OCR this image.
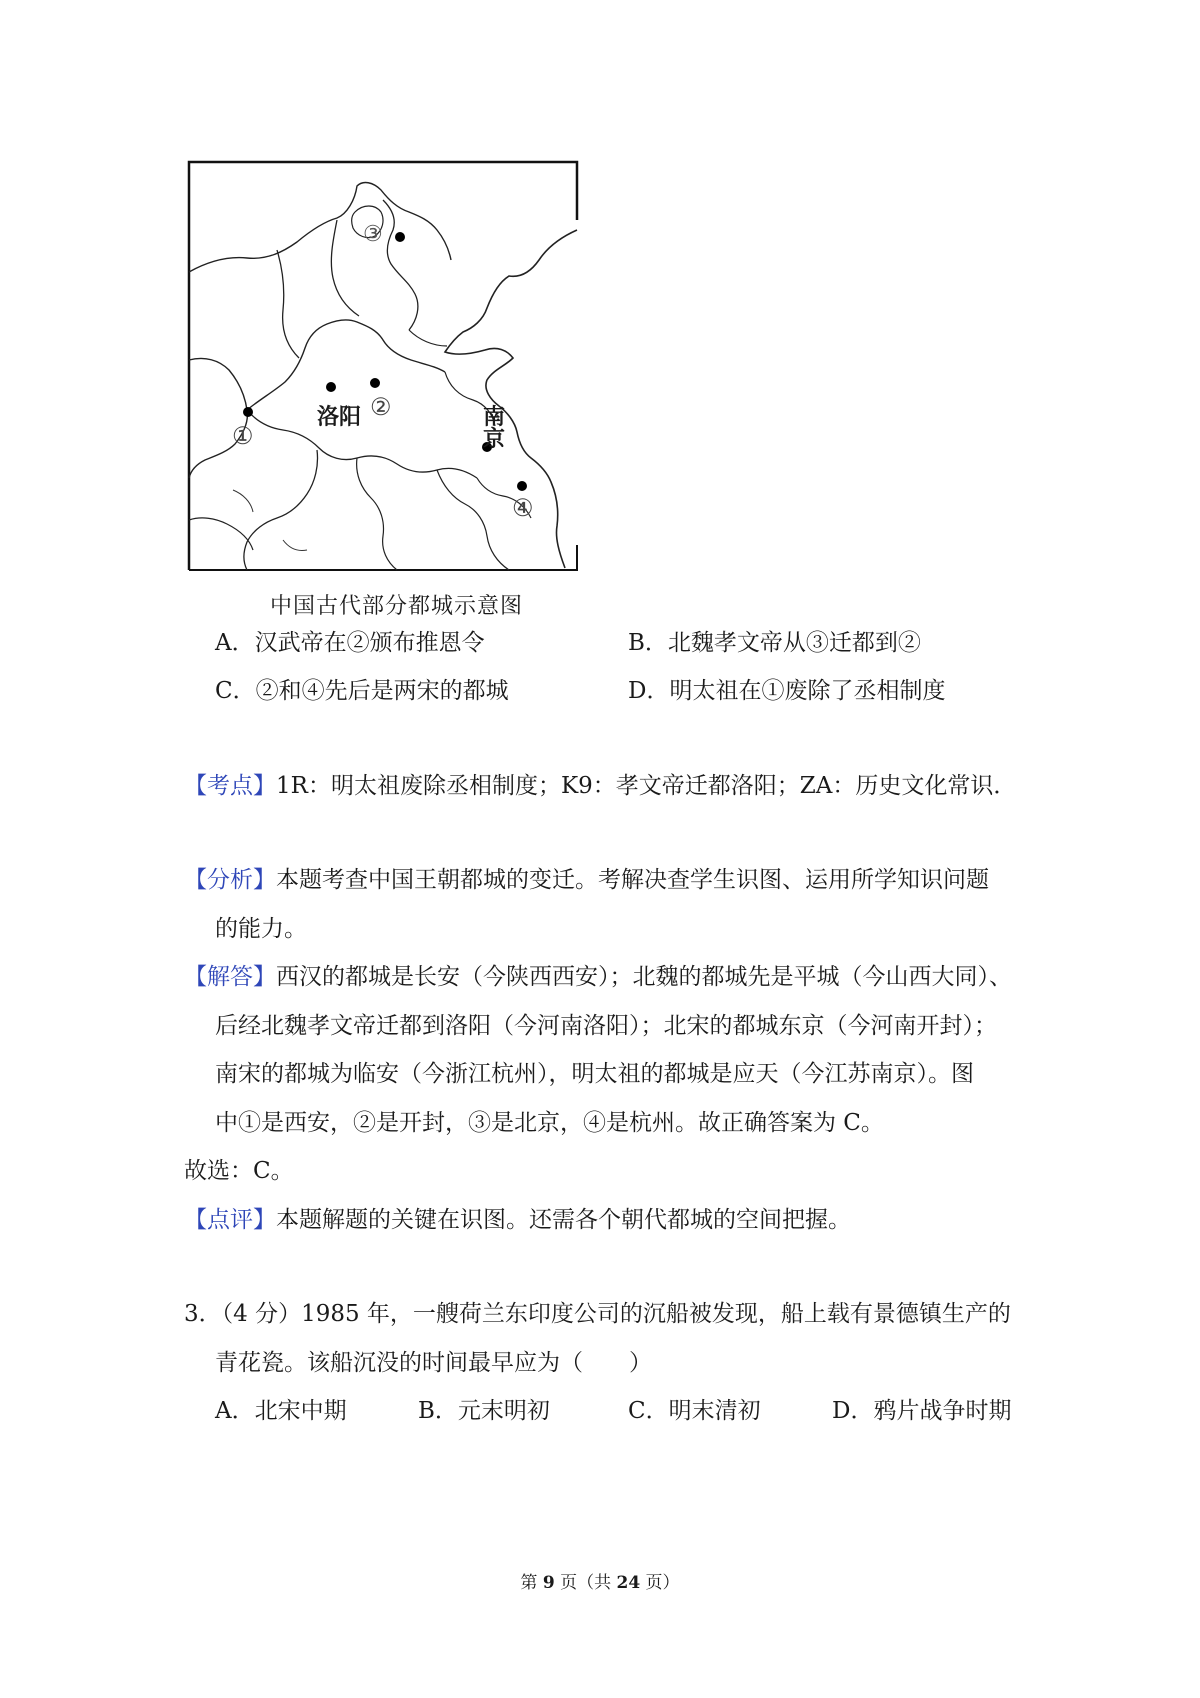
洛阳	南
京
①
②
③
④
中国古代部分都城示意图
A．汉武帝在②颁布推恩令	B．北魏孝文帝从③迁都到②
C．②和④先后是两宋的都城	D．明太祖在①废除了丞相制度
【考点】1R：明太祖废除丞相制度；K9：孝文帝迁都洛阳；ZA：历史文化常识．
【分析】本题考查中国王朝都城的变迁。考解决查学生识图、运用所学知识问题
的能力。
【解答】西汉的都城是长安（今陕西西安）；北魏的都城先是平城（今山西大同）、
后经北魏孝文帝迁都到洛阳（今河南洛阳）；北宋的都城东京（今河南开封）；
南宋的都城为临安（今浙江杭州），明太祖的都城是应天（今江苏南京）。图
中①是西安，②是开封，③是北京，④是杭州。故正确答案为 C。
故选：C。
【点评】本题解题的关键在识图。还需各个朝代都城的空间把握。
3．（4 分）1985 年，一艘荷兰东印度公司的沉船被发现，船上载有景德镇生产的
青花瓷。该船沉没的时间最早应为（　　）
A．北宋中期	B．元末明初	C．明末清初	D．鸦片战争时期
第 9 页（共 24 页）
